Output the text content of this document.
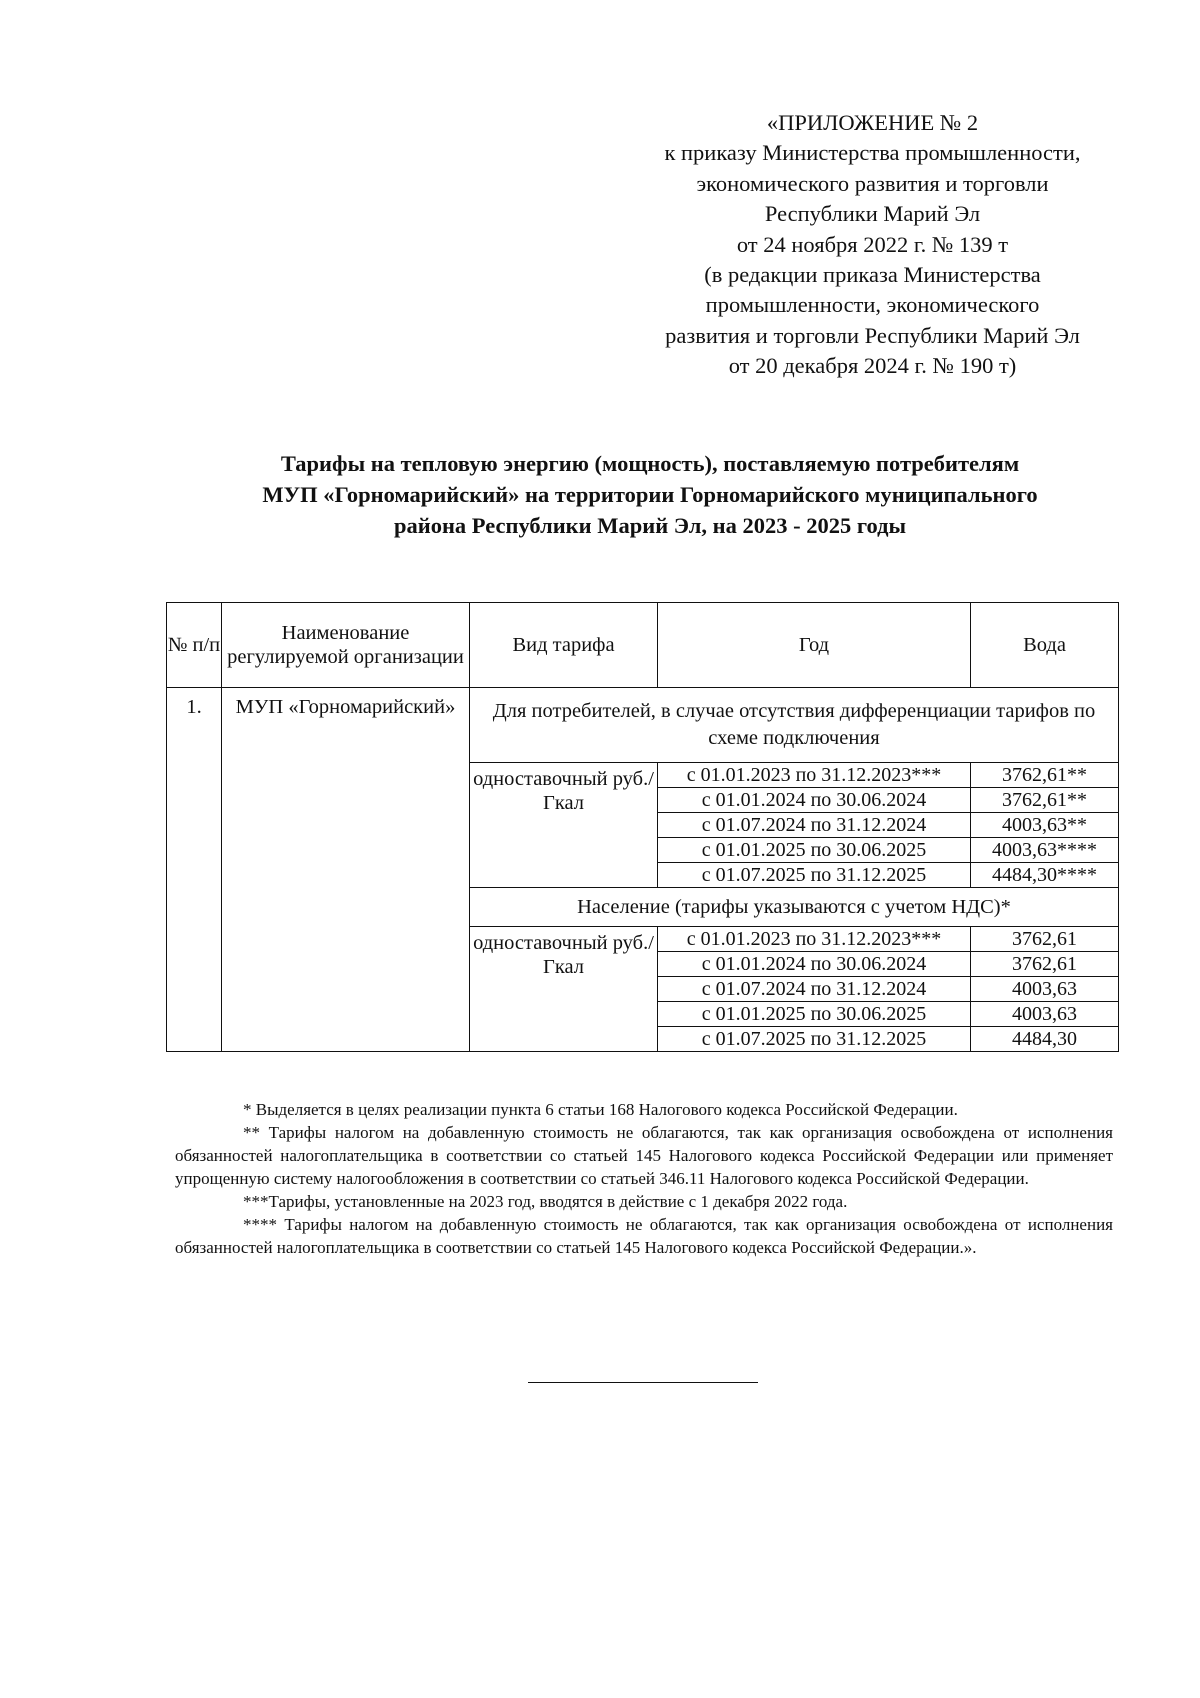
«ПРИЛОЖЕНИЕ № 2
к приказу Министерства промышленности,
экономического развития и торговли
Республики Марий Эл
от 24 ноября 2022 г. № 139 т
(в редакции приказа Министерства
промышленности, экономического
развития и торговли Республики Марий Эл
от 20 декабря 2024 г. № 190 т)
Тарифы на тепловую энергию (мощность), поставляемую потребителям
МУП «Горномарийский» на территории Горномарийского муниципального
района Республики Марий Эл, на 2023 - 2025 годы
№ п/п	Наименование регулируемой организации	Вид тарифа	Год	Вода
1.	МУП «Горномарийский»	Для потребителей, в случае отсутствия дифференциации тарифов по схеме подключения		
		одноставочный руб./Гкал	с 01.01.2023 по 31.12.2023***	3762,61**
			с 01.01.2024 по 30.06.2024	3762,61**
			с 01.07.2024 по 31.12.2024	4003,63**
			с 01.01.2025 по 30.06.2025	4003,63****
			с 01.07.2025 по 31.12.2025	4484,30****
		Население (тарифы указываются с учетом НДС)*		
		одноставочный руб./Гкал	с 01.01.2023 по 31.12.2023***	3762,61
			с 01.01.2024 по 30.06.2024	3762,61
			с 01.07.2024 по 31.12.2024	4003,63
			с 01.01.2025 по 30.06.2025	4003,63
			с 01.07.2025 по 31.12.2025	4484,30

* Выделяется в целях реализации пункта 6 статьи 168 Налогового кодекса Российской Федерации.

** Тарифы налогом на добавленную стоимость не облагаются, так как организация освобождена от исполнения обязанностей налогоплательщика в соответствии со статьей 145 Налогового кодекса Российской Федерации или применяет упрощенную систему налогообложения в соответствии со статьей 346.11 Налогового кодекса Российской Федерации.

***Тарифы, установленные на 2023 год, вводятся в действие с 1 декабря 2022 года.

**** Тарифы налогом на добавленную стоимость не облагаются, так как организация освобождена от исполнения обязанностей налогоплательщика в соответствии со статьей 145 Налогового кодекса Российской Федерации.».
